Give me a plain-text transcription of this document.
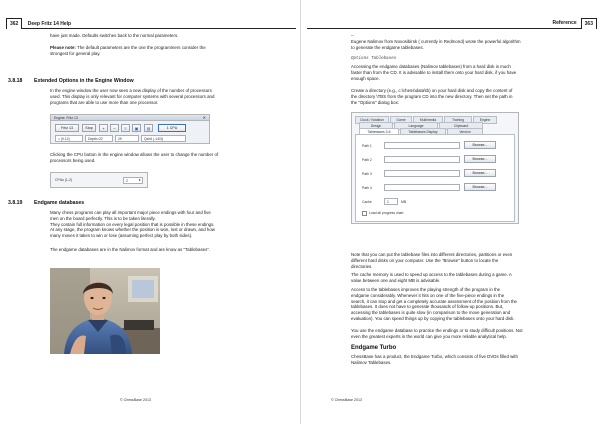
362 Deep Fritz 14 Help
have just made. Defaults switches back to the normal parameters.
Please note: The default parameters are the one the programmers consider the
strongest for general play.
3.8.18 Extended Options in the Engine Window
In the engine window the user now sees a new display of the number of processors
used. This display is only relevant for computer systems with several processors and
programs that are able to use more than one processor.
Engine: Fritz 13	✕
Fritz 13	Stop	+	−	≡	▣	▤	1 CPU
= (0.12)	Depth=22	29	Qxh6 (-14/3)
Clicking the CPU button in the engine window allows the user to change the number of
processors being used.
CPUs (1-2)	2	⬍
3.8.19 Endgame databases
Many chess programs can play all important major piece endings with four and five
men on the board perfectly. This is to be taken literally.
They contain full information on every legal position that is possible in these endings.
At any stage, the program knows whether the position is won, lost or drawn, and how
many moves it takes to win or lose (assuming perfect play by both sides).
The endgame databases are in the Nalimov format and are know as "Tablebases".
© ChessBase 2013
363
Reference
--
Eugene Nalimov from Novosibirsk ( currently in Redmond) wrote the powerful algorithm
to generate the endgame tablebases.
Options Tablebases
Accessing the endgame databases (Nalimov tablebases) from a hard disk is much
faster than from the CD. It is advisable to install them onto your hard disk, if you have
enough space.
Create a directory (e.g., c:\chess\data\tb) on your hard disk and copy the content of
the directory \TBS from the program CD into the new directory. Then set the path in
the "Options" dialog box:
Clock / Notation	Game	Multimedia	Training	Engine
Design	Language	Clipboard
Tablebases 3-6	Tablebases Display	Version
Path 1	Browse...
Path 2	Browse...
Path 3	Browse...
Path 4	Browse...
Cache	1	MB
Load all progress chart
Note that you can put the tablebase files into different directories, partitions or even
different hard disks on your computer. Use the "Browse" button to locate the
directories.
The cache memory is used to speed up access to the tablebases during a game. A
value between one and eight MB is advisable.
Access to the tablebases improves the playing strength of the program in the
endgame considerably. Whenever it hits on one of the five-piece endings in the
search, it can stop and get a completely accurate assessment of the position from the
tablebases. It does not have to generate thousands of follow-up positions. But,
accessing the tablebases is quite slow (in comparison to the move generation and
evaluation). You can speed things up by copying the tablebases onto your hard disk.
You use the endgame database to practice the endings or to study difficult positions. Not
even the greatest experts in the world can give you more reliable analytical help.
Endgame Turbo
ChessBase has a product, the Endgame Turbo, which consists of five DVDs filled with
Nalimov Tablebases.
© ChessBase 2013
